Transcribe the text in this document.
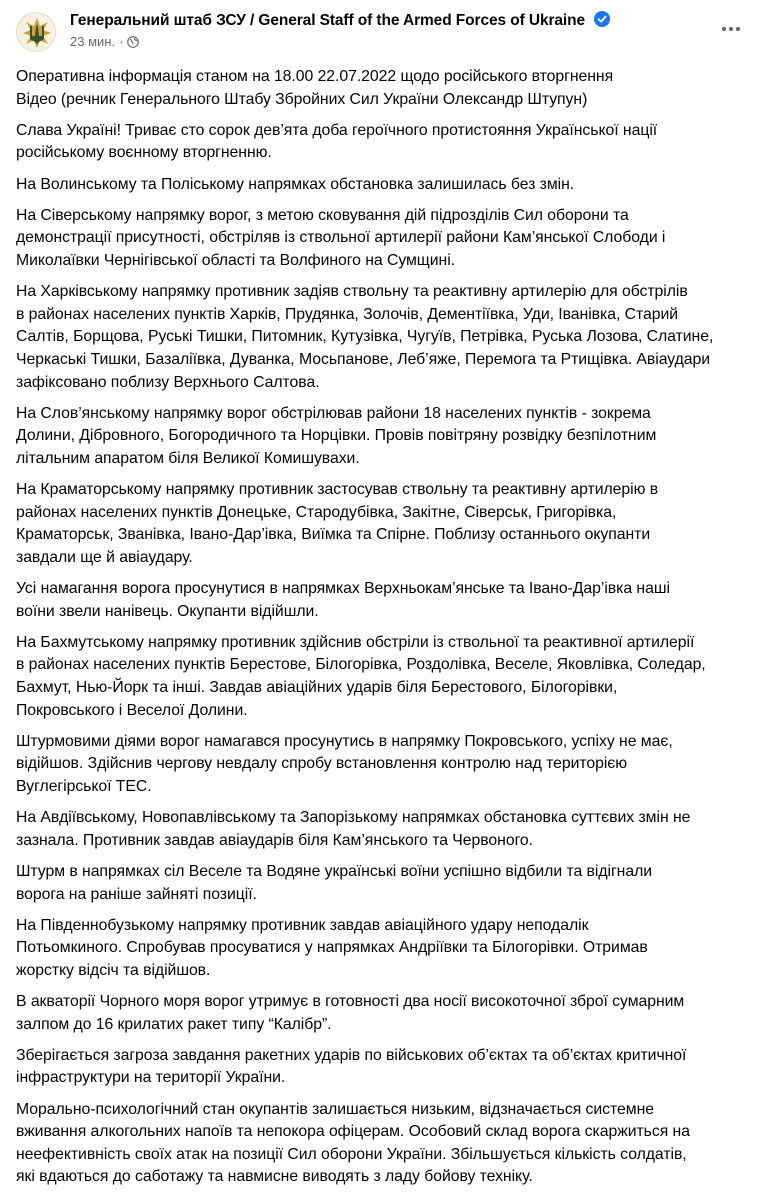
Генеральний штаб ЗСУ / General Staff of the Armed Forces of Ukraine
23 мин. ·
Оперативна інформація станом на 18.00 22.07.2022 щодо російського вторгнення
Відео (речник Генерального Штабу Збройних Сил України Олександр Штупун)
Слава Україні! Триває сто сорок дев’ята доба героїчного протистояння Української нації
російському воєнному вторгненню.
На Волинському та Поліському напрямках обстановка залишилась без змін.
На Сіверському напрямку ворог, з метою сковування дій підрозділів Сил оборони та
демонстрації присутності, обстріляв із ствольної артилерії райони Кам’янської Слободи і
Миколаївки Чернігівської області та Волфиного на Сумщині.
На Харківському напрямку противник задіяв ствольну та реактивну артилерію для обстрілів
в районах населених пунктів Харків, Прудянка, Золочів, Дементіївка, Уди, Іванівка, Старий
Салтів, Борщова, Руські Тишки, Питомник, Кутузівка, Чугуїв, Петрівка, Руська Лозова, Слатине,
Черкаські Тишки, Базаліївка, Дуванка, Мосьпанове, Леб’яже, Перемога та Ртищівка. Авіаудари
зафіксовано поблизу Верхнього Салтова.
На Слов’янському напрямку ворог обстрілював райони 18 населених пунктів - зокрема
Долини, Дібровного, Богородичного та Норцівки. Провів повітряну розвідку безпілотним
літальним апаратом біля Великої Комишувахи.
На Краматорському напрямку противник застосував ствольну та реактивну артилерію в
районах населених пунктів Донецьке, Стародубівка, Закітне, Сіверськ, Григорівка,
Краматорськ, Званівка, Івано-Дар’івка, Виїмка та Спірне. Поблизу останнього окупанти
завдали ще й авіаудару.
Усі намагання ворога просунутися в напрямках Верхньокам’янське та Івано-Дар’івка наші
воїни звели нанівець. Окупанти відійшли.
На Бахмутському напрямку противник здійснив обстріли із ствольної та реактивної артилерії
в районах населених пунктів Берестове, Білогорівка, Роздолівка, Веселе, Яковлівка, Соледар,
Бахмут, Нью-Йорк та інші. Завдав авіаційних ударів біля Берестового, Білогорівки,
Покровського і Веселої Долини.
Штурмовими діями ворог намагався просунутись в напрямку Покровського, успіху не має,
відійшов. Здійснив чергову невдалу спробу встановлення контролю над територією
Вуглегірської ТЕС.
На Авдіївському, Новопавлівському та Запорізькому напрямках обстановка суттєвих змін не
зазнала. Противник завдав авіаударів біля Кам’янського та Червоного.
Штурм в напрямках сіл Веселе та Водяне українські воїни успішно відбили та відігнали
ворога на раніше зайняті позиції.
На Південнобузькому напрямку противник завдав авіаційного удару неподалік
Потьомкиного. Спробував просуватися у напрямках Андріївки та Білогорівки. Отримав
жорстку відсіч та відійшов.
В акваторії Чорного моря ворог утримує в готовності два носії високоточної зброї сумарним
залпом до 16 крилатих ракет типу “Калібр”.
Зберігається загроза завдання ракетних ударів по військових об’єктах та об’єктах критичної
інфраструктури на території України.
Морально-психологічний стан окупантів залишається низьким, відзначається системне
вживання алкогольних напоїв та непокора офіцерам. Особовий склад ворога скаржиться на
неефективність своїх атак на позиції Сил оборони України. Збільшується кількість солдатів,
які вдаються до саботажу та навмисне виводять з ладу бойову техніку.
